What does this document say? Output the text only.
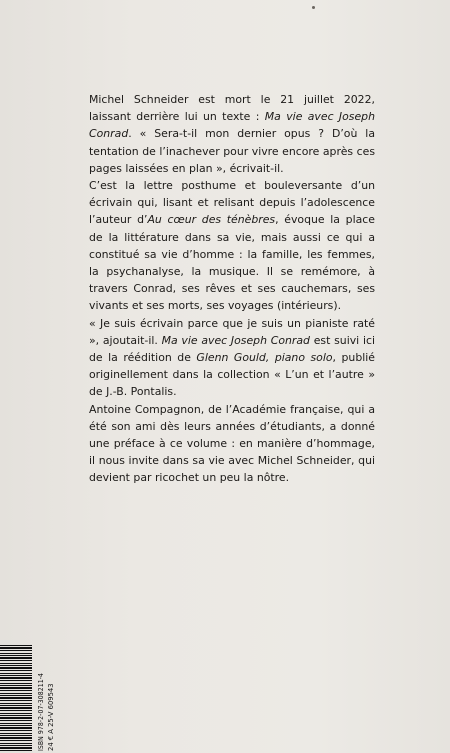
Michel Schneider est mort le 21 juillet 2022, laissant derrière lui un texte : Ma vie avec Joseph Conrad. « Sera-t-il mon dernier opus ? D’où la tentation de l’inachever pour vivre encore après ces pages laissées en plan », écrivait-il.

C’est la lettre posthume et bouleversante d’un écrivain qui, lisant et relisant depuis l’adolescence l’auteur d’Au cœur des ténèbres, évoque la place de la littérature dans sa vie, mais aussi ce qui a constitué sa vie d’homme : la famille, les femmes, la psychanalyse, la musique. Il se remémore, à travers Conrad, ses rêves et ses cauchemars, ses vivants et ses morts, ses voyages (intérieurs).

« Je suis écrivain parce que je suis un pianiste raté », ajoutait-il. Ma vie avec Joseph Conrad est suivi ici de la réédition de Glenn Gould, piano solo, publié originellement dans la collection « L’un et l’autre » de J.-B. Pontalis.

Antoine Compagnon, de l’Académie française, qui a été son ami dès leurs années d’étudiants, a donné une préface à ce volume : en manière d’hommage, il nous invite dans sa vie avec Michel Schneider, qui devient par ricochet un peu la nôtre.

ISBN 978-2-07-308211-4 24 € A 25-V 609543
